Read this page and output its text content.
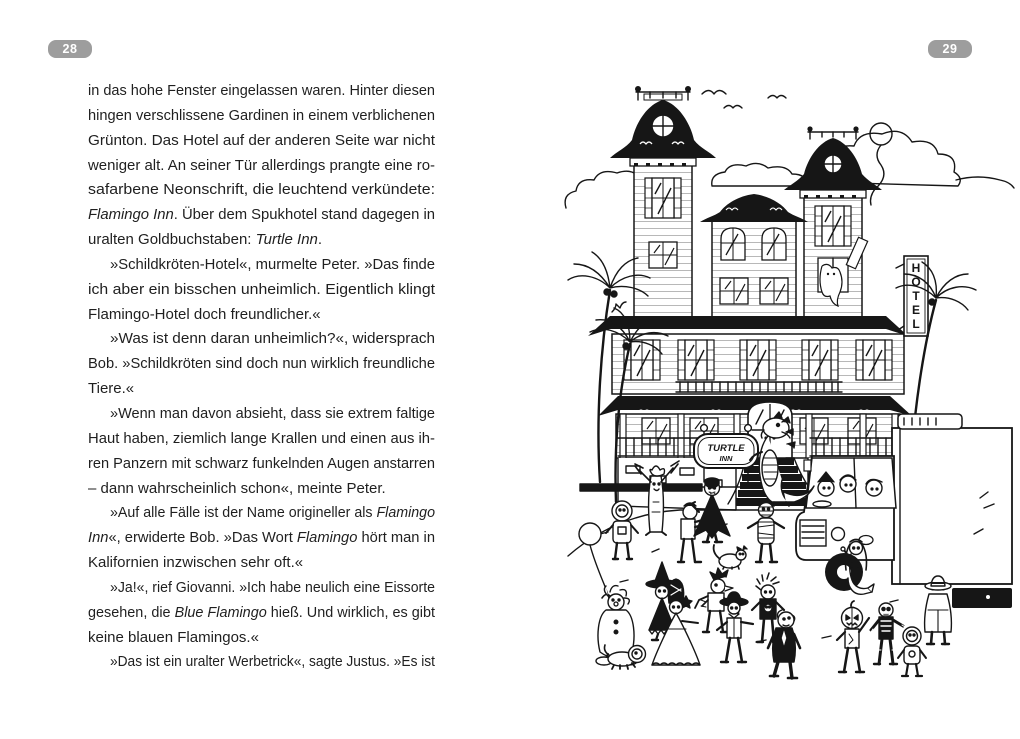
28	29
in das hohe Fenster eingelassen waren. Hinter diesen
hingen verschlissene Gardinen in einem verblichenen
Grünton. Das Hotel auf der anderen Seite war nicht
weniger alt. An seiner Tür allerdings prangte eine ro-
safarbene Neonschrift, die leuchtend verkündete:
Flamingo Inn. Über dem Spukhotel stand dagegen in
uralten Goldbuchstaben: Turtle Inn.
»Schildkröten-Hotel«, murmelte Peter. »Das finde
ich aber ein bisschen unheimlich. Eigentlich klingt
Flamingo-Hotel doch freundlicher.«
»Was ist denn daran unheimlich?«, widersprach
Bob. »Schildkröten sind doch nun wirklich freundliche
Tiere.«
»Wenn man davon absieht, dass sie extrem faltige
Haut haben, ziemlich lange Krallen und einen aus ih-
ren Panzern mit schwarz funkelnden Augen anstarren
– dann wahrscheinlich schon«, meinte Peter.
»Auf alle Fälle ist der Name origineller als Flamingo
Inn«, erwiderte Bob. »Das Wort Flamingo hört man in
Kalifornien inzwischen sehr oft.«
»Ja!«, rief Giovanni. »Ich habe neulich eine Eissorte
gesehen, die Blue Flamingo hieß. Und wirklich, es gibt
keine blauen Flamingos.«
»Das ist ein uralter Werbetrick«, sagte Justus. »Es ist
H
O
T
E
L
TURTLE
INN
